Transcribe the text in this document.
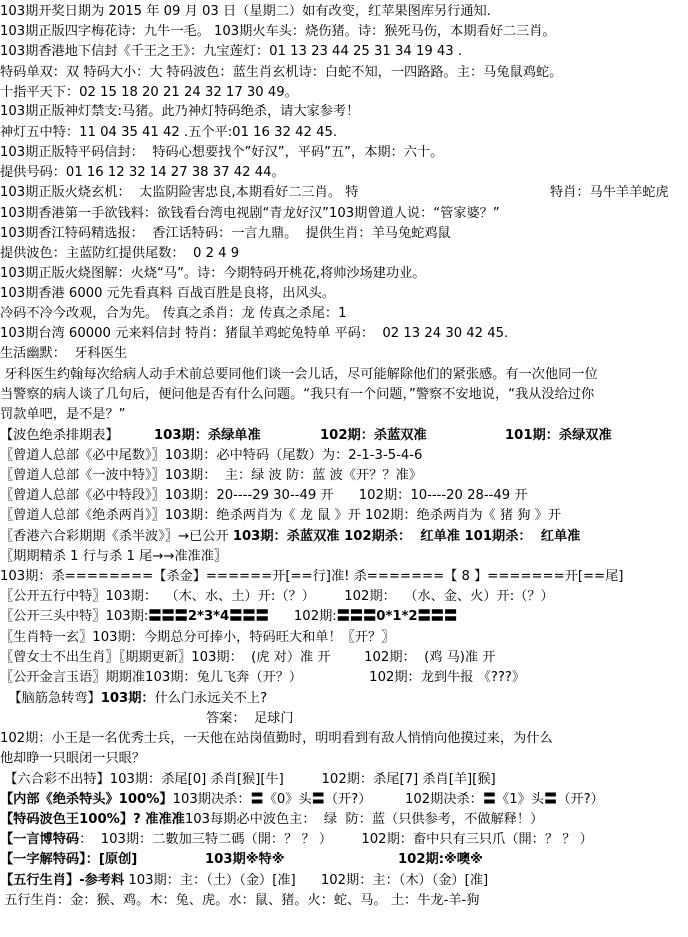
103期开奖日期为 2015 年 09 月 03 日（星期二）如有改变，红苹果图库另行通知.
103期正版四字梅花诗：九牛一毛。 103期火车头：烧伤猪。诗：猴死马伤，本期看好二三肖。
103期香港地下信封《千王之王》：九宝莲灯：01 13 23 44 25 31 34 19 43 .
特码单双：双 特码大小：大 特码波色：蓝生肖玄机诗：白蛇不知，一四路路。主：马兔鼠鸡蛇。
十指平天下：02 15 18 20 21 24 32 17 30 49。
103期正版神灯禁支:马猪。此乃神灯特码绝杀，请大家参考！
神灯五中特：11 04 35 41 42 .五个平:01 16 32 42 45.
103期正版特平码信封：  特码心想要找个”好汉”，平码”五”，本期：六十。
提供号码：01 16 12 32 14 27 38 37 42 44。
103期正版火烧玄机：  太监阴险害忠良,本期看好二三肖。 特	特肖：马牛羊羊蛇虎
103期香港第一手欲钱料：欲钱看台湾电视剧“青龙好汉”103期曾道人说：“管家婆？”
103期香江特码精选报：  香江话特码：一言九鼎。  提供生肖：羊马兔蛇鸡鼠
提供波色：主蓝防红提供尾数：  0 2 4 9
103期正版火烧图解：火烧“马”。诗：今期特码开桃花,将帅沙场建功业。
103期香港 6000 元先看真料 百战百胜是良将，出风头。
冷码不冷今改观，合为先。 传真之杀肖：龙 传真之杀尾：1
103期台湾 60000 元来料信封 特肖：猪鼠羊鸡蛇兔特单 平码：  02 13 24 30 42 45.
生活幽默：  牙科医生
牙科医生约翰每次给病人动手术前总要同他们谈一会儿话，尽可能解除他们的紧张感。有一次他同一位
当警察的病人谈了几句后，便问他是否有什么问题。“我只有一个问题，”警察不安地说，“我从没给过你
罚款单吧，是不是？”
【波色绝杀排期表】	103期：杀绿单准	102期：杀蓝双准	101期：杀绿双准
〖曾道人总部《必中尾数》〗103期：必中特码（尾数）为：2-1-3-5-4-6
〖曾道人总部《一波中特》〗103期：  主：绿 波 防：蓝 波《开？？准》
〖曾道人总部《必中特段》〗103期：20----29 30--49 开      102期：10----20 28--49 开
〖曾道人总部《绝杀两肖》〗103期：绝杀两肖为《 龙 鼠 》开 102期：绝杀两肖为《 猪 狗 》开
〖香港六合彩期期《杀半波》〗→已公开 103期：杀蓝双准 102期杀：  红单准 101期杀：  红单准
〖期期精杀 1 行与杀 1 尾→→准准准〗
103期：杀========【杀金】======开[==行]准! 杀=======【 8 】=======开[==尾]
〖公开五行中特〗103期：  （木、水、土）开:（？）       102期：  （水、金、火）开:（？）
〖公开三头中特〗103期:〓〓〓2*3*4〓〓〓      102期:〓〓〓0*1*2〓〓〓
〖生肖特一玄〗103期：今期总分可捧小，特码旺大和单！〖开？〗
〖曾女士不出生肖〗〖期期更新〗103期：  (虎 对）准 开        102期：  (鸡 马)准 开
〖公开金言玉语〗期期准103期：兔儿飞奔（开？）                102期：龙到牛报 《???》
【脑筋急转弯】103期：什么门永远关不上?
答案：  足球门
102期：小王是一名优秀士兵，一天他在站岗值勤时，明明看到有敌人悄悄向他摸过来，为什么
他却睁一只眼闭一只眼？
【六合彩不出特】103期：杀尾[0] 杀肖[猴][牛]         102期：杀尾[7] 杀肖[羊][猴]
【内部《绝杀特头》100%】103期决杀：〓《0》头〓（开?）        102期决杀：〓《1》头〓（开?）
【特码波色王100%】? 准准准103每期必中波色主：  绿  防：蓝（只供参考，不做解释！）
【一言博特码：  103期：二數加三特二碼（開：？ ？ ）       102期：畜中只有三只爪（開：？ ？ ）
【一字解特码】：[原创]	103期※特※	102期:※噢※
【五行生肖】-参考料 103期：主：（土）（金）[准]      102期：主：（木）（金）[准]
五行生肖：金：猴、鸡。木：兔、虎。水：鼠、猪。火：蛇、马。 土：牛龙-羊-狗
